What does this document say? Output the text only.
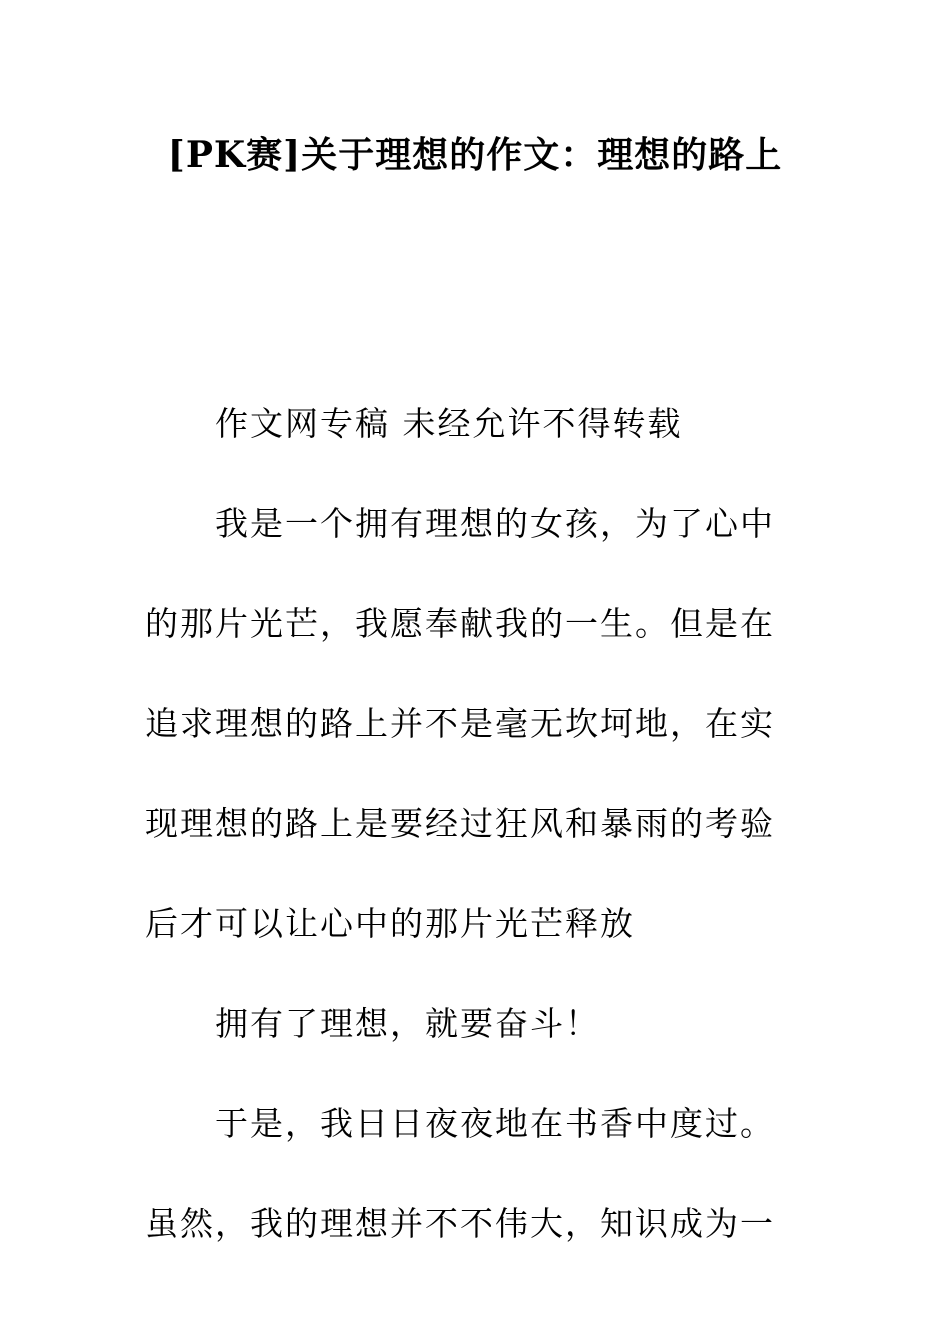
[PK赛]关于理想的作文：理想的路上

作文网专稿 未经允许不得转载

我是一个拥有理想的女孩，为了心中的那片光芒，我愿奉献我的一生。但是在追求理想的路上并不是毫无坎坷地，在实现理想的路上是要经过狂风和暴雨的考验后才可以让心中的那片光芒释放

拥有了理想，就要奋斗！

于是，我日日夜夜地在书香中度过。虽然，我的理想并不不伟大，知识成为一
